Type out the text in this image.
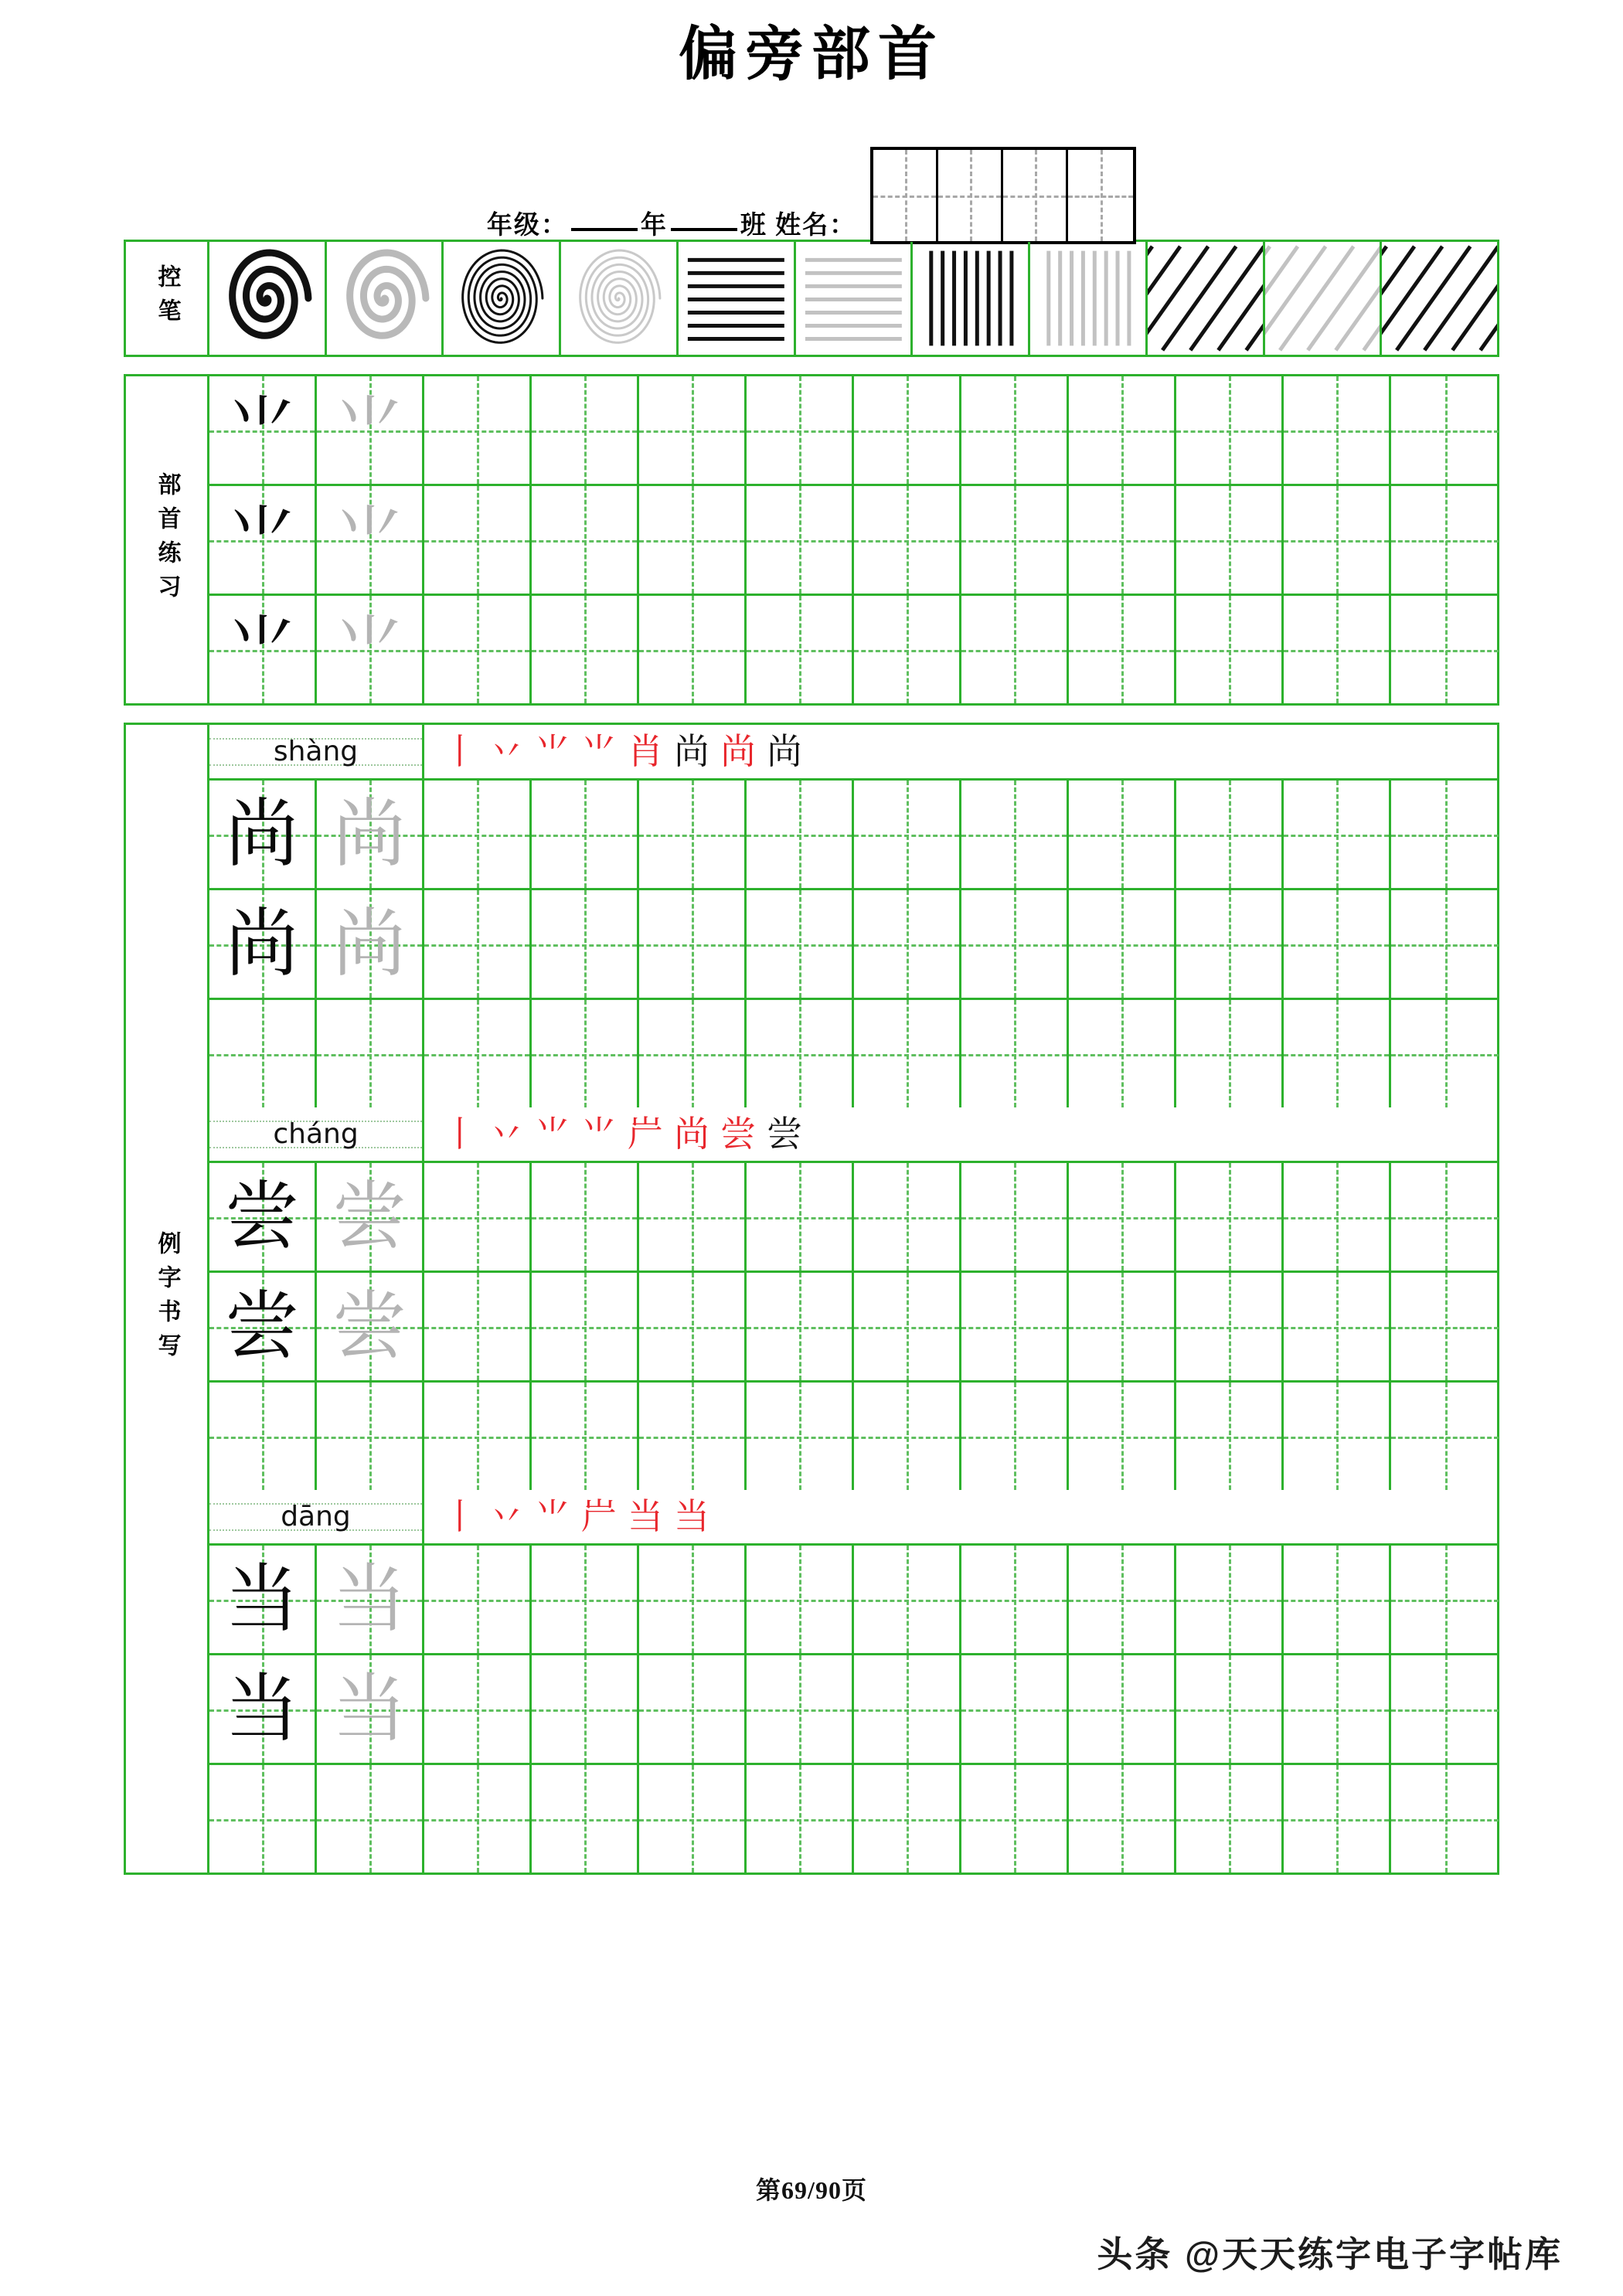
偏旁部首
年级：	年	班 姓名：
控笔
部首练习
⺌ ⺌
⺌ ⺌
⺌ ⺌
例字书写
shàng 丨 丷 ⺌ ⺌ 肖 尚 尚 尚
尚 尚
尚 尚
cháng 丨 丷 ⺌ ⺌ 屵 尚 尝 尝
尝 尝
尝 尝
dāng	丨 丷 ⺌ 屵 当 当
当 当
当 当
第69/90页
头条 @天天练字电子字帖库
